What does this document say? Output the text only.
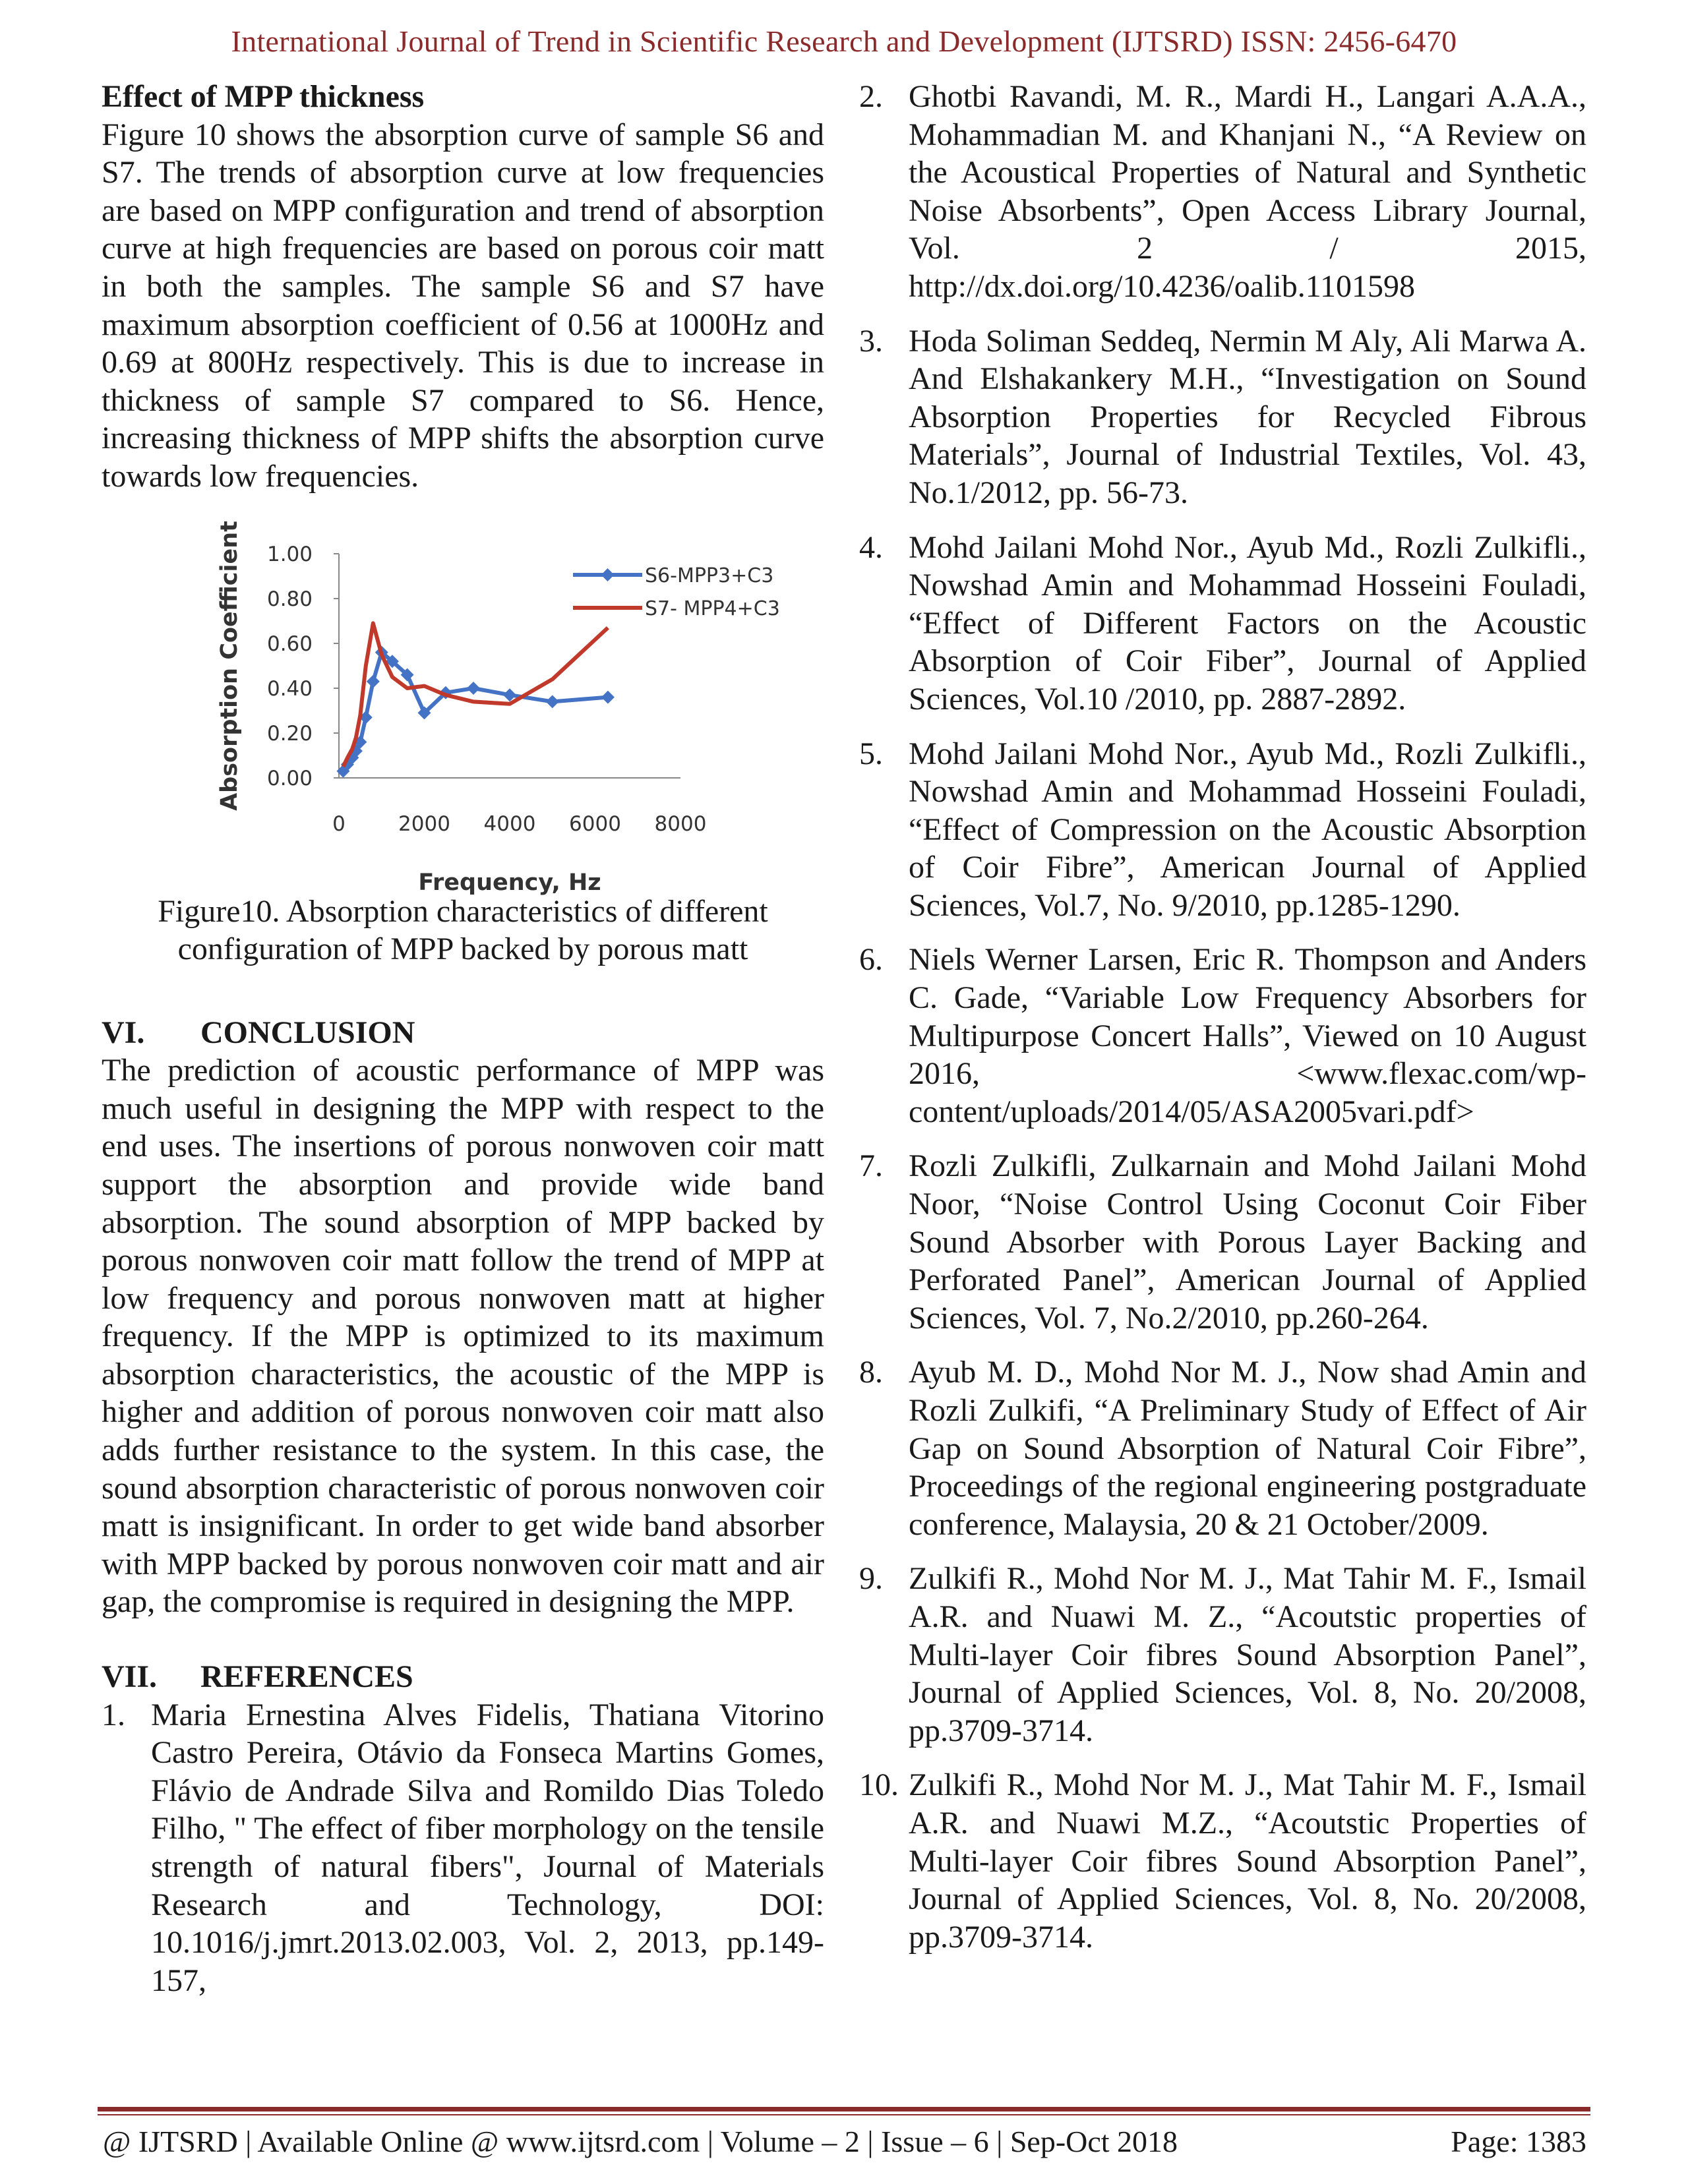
International Journal of Trend in Scientific Research and Development (IJTSRD) ISSN: 2456-6470

Effect of MPP thickness

Figure 10 shows the absorption curve of sample S6 and S7. The trends of absorption curve at low frequencies are based on MPP configuration and trend of absorption curve at high frequencies are based on porous coir matt in both the samples. The sample S6 and S7 have maximum absorption coefficient of 0.56 at 1000Hz and 0.69 at 800Hz respectively. This is due to increase in thickness of sample S7 compared to S6. Hence, increasing thickness of MPP shifts the absorption curve towards low frequencies.

0.00
0.20
0.40
0.60
0.80
1.00
0	2000 4000 6000 8000
Frequency, Hz
Absorption Coefficient	S6-MPP3+C3
S7- MPP4+C3

Figure10. Absorption characteristics of different

configuration of MPP backed by porous matt

VI.	CONCLUSION

The prediction of acoustic performance of MPP was much useful in designing the MPP with respect to the end uses. The insertions of porous nonwoven coir matt support the absorption and provide wide band absorption. The sound absorption of MPP backed by porous nonwoven coir matt follow the trend of MPP at low frequency and porous nonwoven matt at higher frequency. If the MPP is optimized to its maximum absorption characteristics, the acoustic of the MPP is higher and addition of porous nonwoven coir matt also adds further resistance to the system. In this case, the sound absorption characteristic of porous nonwoven coir matt is insignificant. In order to get wide band absorber with MPP backed by porous nonwoven coir matt and air gap, the compromise is required in designing the MPP.

VII.	REFERENCES
1. Maria Ernestina Alves Fidelis, Thatiana Vitorino Castro Pereira, Otávio da Fonseca Martins Gomes, Flávio de Andrade Silva and Romildo Dias Toledo Filho, " The effect of fiber morphology on the tensile strength of natural fibers", Journal of Materials Research and Technology, DOI: 10.1016/j.jmrt.2013.02.003, Vol. 2, 2013, pp.149-157,
2. Ghotbi Ravandi, M. R., Mardi H., Langari A.A.A., Mohammadian M. and Khanjani N., “A Review on the Acoustical Properties of Natural and Synthetic Noise Absorbents”, Open Access Library Journal, Vol. 2 / 2015, http://dx.doi.org/10.4236/oalib.1101598
3. Hoda Soliman Seddeq, Nermin M Aly, Ali Marwa A. And Elshakankery M.H., “Investigation on Sound Absorption Properties for Recycled Fibrous Materials”, Journal of Industrial Textiles, Vol. 43, No.1/2012, pp. 56-73.
4. Mohd Jailani Mohd Nor., Ayub Md., Rozli Zulkifli., Nowshad Amin and Mohammad Hosseini Fouladi, “Effect of Different Factors on the Acoustic Absorption of Coir Fiber”, Journal of Applied Sciences, Vol.10 /2010, pp. 2887-2892.
5. Mohd Jailani Mohd Nor., Ayub Md., Rozli Zulkifli., Nowshad Amin and Mohammad Hosseini Fouladi, “Effect of Compression on the Acoustic Absorption of Coir Fibre”, American Journal of Applied Sciences, Vol.7, No. 9/2010, pp.1285-1290.
6. Niels Werner Larsen, Eric R. Thompson and Anders C. Gade, “Variable Low Frequency Absorbers for Multipurpose Concert Halls”, Viewed on 10 August 2016, <www.flexac.com/wp-content/uploads/2014/05/ASA2005vari.pdf>
7. Rozli Zulkifli, Zulkarnain and Mohd Jailani Mohd Noor, “Noise Control Using Coconut Coir Fiber Sound Absorber with Porous Layer Backing and Perforated Panel”, American Journal of Applied Sciences, Vol. 7, No.2/2010, pp.260-264.
8. Ayub M. D., Mohd Nor M. J., Now shad Amin and Rozli Zulkifi, “A Preliminary Study of Effect of Air Gap on Sound Absorption of Natural Coir Fibre”, Proceedings of the regional engineering postgraduate conference, Malaysia, 20 & 21 October/2009.
9. Zulkifi R., Mohd Nor M. J., Mat Tahir M. F., Ismail A.R. and Nuawi M. Z., “Acoutstic properties of Multi-layer Coir fibres Sound Absorption Panel”, Journal of Applied Sciences, Vol. 8, No. 20/2008, pp.3709-3714.
10. Zulkifi R., Mohd Nor M. J., Mat Tahir M. F., Ismail A.R. and Nuawi M.Z., “Acoutstic Properties of Multi-layer Coir fibres Sound Absorption Panel”, Journal of Applied Sciences, Vol. 8, No. 20/2008, pp.3709-3714.
@ IJTSRD | Available Online @ www.ijtsrd.com | Volume – 2 | Issue – 6 | Sep-Oct 2018	Page: 1383
